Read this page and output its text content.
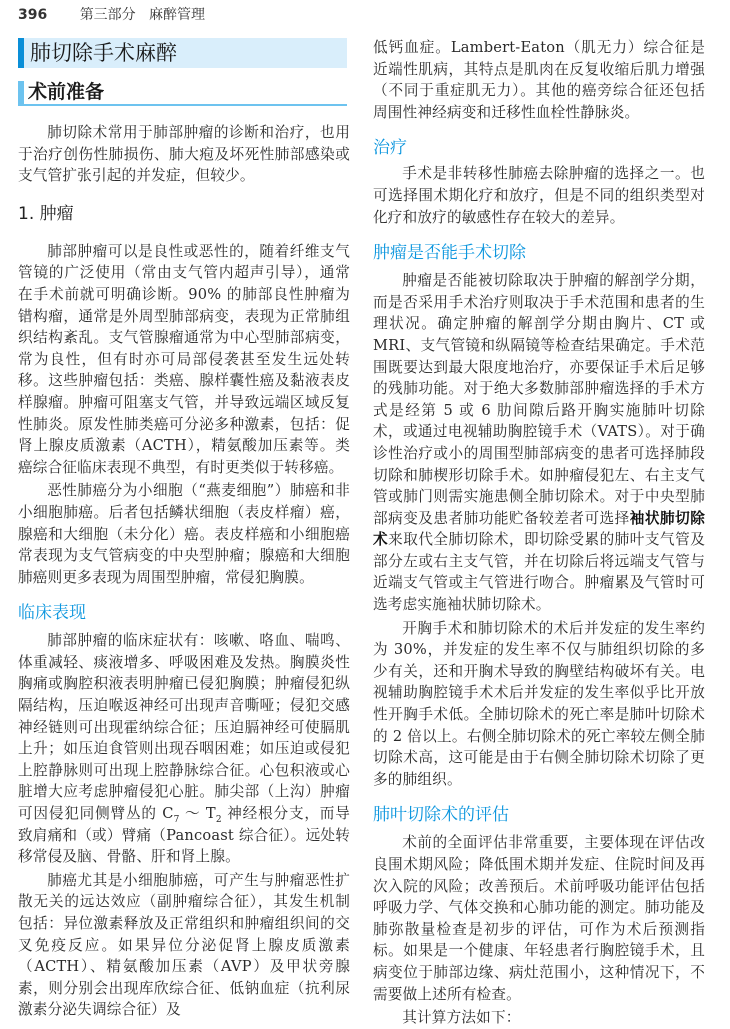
396 第三部分 麻醉管理
肺切除手术麻醉
术前准备

肺切除术常用于肺部肿瘤的诊断和治疗，也用于治疗创伤性肺损伤、肺大疱及坏死性肺部感染或支气管扩张引起的并发症，但较少。

1. 肿瘤

肺部肿瘤可以是良性或恶性的，随着纤维支气管镜的广泛使用（常由支气管内超声引导），通常在手术前就可明确诊断。90% 的肺部良性肿瘤为错构瘤，通常是外周型肺部病变，表现为正常肺组织结构紊乱。支气管腺瘤通常为中心型肺部病变，常为良性，但有时亦可局部侵袭甚至发生远处转移。这些肿瘤包括：类癌、腺样囊性癌及黏液表皮样腺瘤。肿瘤可阻塞支气管，并导致远端区域反复性肺炎。原发性肺类癌可分泌多种激素，包括：促肾上腺皮质激素（ACTH），精氨酸加压素等。类癌综合征临床表现不典型，有时更类似于转移癌。

恶性肺癌分为小细胞（“燕麦细胞”）肺癌和非小细胞肺癌。后者包括鳞状细胞（表皮样瘤）癌，腺癌和大细胞（未分化）癌。表皮样癌和小细胞癌常表现为支气管病变的中央型肿瘤；腺癌和大细胞肺癌则更多表现为周围型肿瘤，常侵犯胸膜。

临床表现

肺部肿瘤的临床症状有：咳嗽、咯血、喘鸣、体重减轻、痰液增多、呼吸困难及发热。胸膜炎性胸痛或胸腔积液表明肿瘤已侵犯胸膜；肿瘤侵犯纵隔结构，压迫喉返神经可出现声音嘶哑；侵犯交感神经链则可出现霍纳综合征；压迫膈神经可使膈肌上升；如压迫食管则出现吞咽困难；如压迫或侵犯上腔静脉则可出现上腔静脉综合征。心包积液或心脏增大应考虑肿瘤侵犯心脏。肺尖部（上沟）肿瘤可因侵犯同侧臂丛的 $C_7$ ～ $T_2$ 神经根分支，而导致肩痛和（或）臂痛（Pancoast 综合征）。远处转移常侵及脑、骨骼、肝和肾上腺。

肺癌尤其是小细胞肺癌，可产生与肿瘤恶性扩散无关的远达效应（副肿瘤综合征），其发生机制包括：异位激素释放及正常组织和肿瘤组织间的交叉免疫反应。如果异位分泌促肾上腺皮质激素（ACTH）、精氨酸加压素（AVP）及甲状旁腺素，则分别会出现库欣综合征、低钠血症（抗利尿激素分泌失调综合征）及

低钙血症。Lambert-Eaton（肌无力）综合征是近端性肌病，其特点是肌肉在反复收缩后肌力增强（不同于重症肌无力）。其他的癌旁综合征还包括周围性神经病变和迁移性血栓性静脉炎。

治疗

手术是非转移性肺癌去除肿瘤的选择之一。也可选择围术期化疗和放疗，但是不同的组织类型对化疗和放疗的敏感性存在较大的差异。

肿瘤是否能手术切除

肿瘤是否能被切除取决于肿瘤的解剖学分期，而是否采用手术治疗则取决于手术范围和患者的生理状况。确定肿瘤的解剖学分期由胸片、CT 或 MRI、支气管镜和纵隔镜等检查结果确定。手术范围既要达到最大限度地治疗，亦要保证手术后足够的残肺功能。对于绝大多数肺部肿瘤选择的手术方式是经第 5 或 6 肋间隙后路开胸实施肺叶切除术，或通过电视辅助胸腔镜手术（VATS）。对于确诊性治疗或小的周围型肺部病变的患者可选择肺段切除和肺楔形切除手术。如肿瘤侵犯左、右主支气管或肺门则需实施患侧全肺切除术。对于中央型肺部病变及患者肺功能贮备较差者可选择袖状肺切除术来取代全肺切除术，即切除受累的肺叶支气管及部分左或右主支气管，并在切除后将远端支气管与近端支气管或主气管进行吻合。肿瘤累及气管时可选考虑实施袖状肺切除术。

开胸手术和肺切除术的术后并发症的发生率约为 30%，并发症的发生率不仅与肺组织切除的多少有关，还和开胸术导致的胸壁结构破坏有关。电视辅助胸腔镜手术术后并发症的发生率似乎比开放性开胸手术低。全肺切除术的死亡率是肺叶切除术的 2 倍以上。右侧全肺切除术的死亡率较左侧全肺切除术高，这可能是由于右侧全肺切除术切除了更多的肺组织。

肺叶切除术的评估

术前的全面评估非常重要，主要体现在评估改良围术期风险；降低围术期并发症、住院时间及再次入院的风险；改善预后。术前呼吸功能评估包括呼吸力学、气体交换和心肺功能的测定。肺功能及肺弥散量检查是初步的评估，可作为术后预测指标。如果是一个健康、年轻患者行胸腔镜手术，且病变位于肺部边缘、病灶范围小，这种情况下，不需要做上述所有检查。

其计算方法如下：
